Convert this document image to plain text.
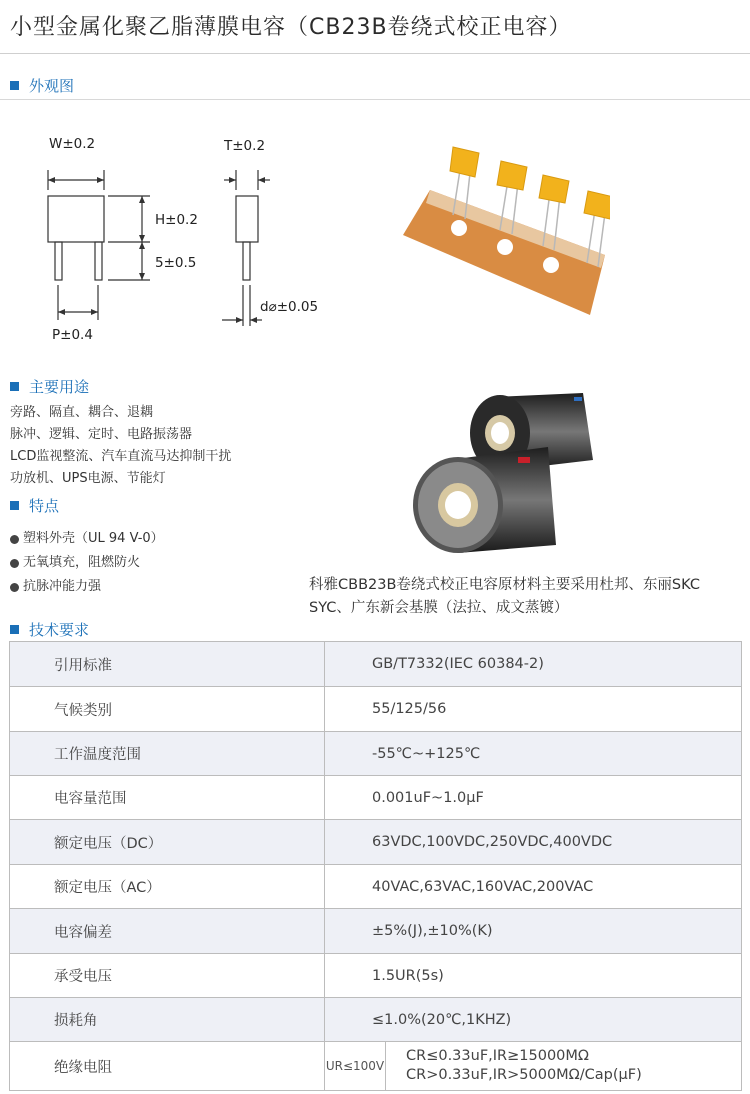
小型金属化聚乙脂薄膜电容（CB23B卷绕式校正电容）
外观图
W±0.2	T±0.2
H±0.2
5±0.5
P±0.4
d⌀±0.05
主要用途
旁路、隔直、耦合、退耦
脉冲、逻辑、定时、电路振荡器
LCD监视整流、汽车直流马达抑制干扰
功放机、UPS电源、节能灯
特点
塑料外壳（UL 94 V-0）
无氧填充，阻燃防火
抗脉冲能力强	科雅CBB23B卷绕式校正电容原材料主要采用杜邦、东丽SKC SYC、广东新会基膜（法拉、成文蒸镀）
技术要求
引用标准	GB/T7332(IEC 60384-2)
气候类别	55/125/56
工作温度范围	-55℃~+125℃
电容量范围	0.001uF~1.0μF
额定电压（DC）	63VDC,100VDC,250VDC,400VDC
额定电压（AC）	40VAC,63VAC,160VAC,200VAC
电容偏差	±5%(J),±10%(K)
承受电压	1.5UR(5s)
损耗角	≤1.0%(20℃,1KHZ)
绝缘电阻	UR≤100V
CR≤0.33uF,IR≥15000MΩ
CR>0.33uF,IR>5000MΩ/Cap(μF)
